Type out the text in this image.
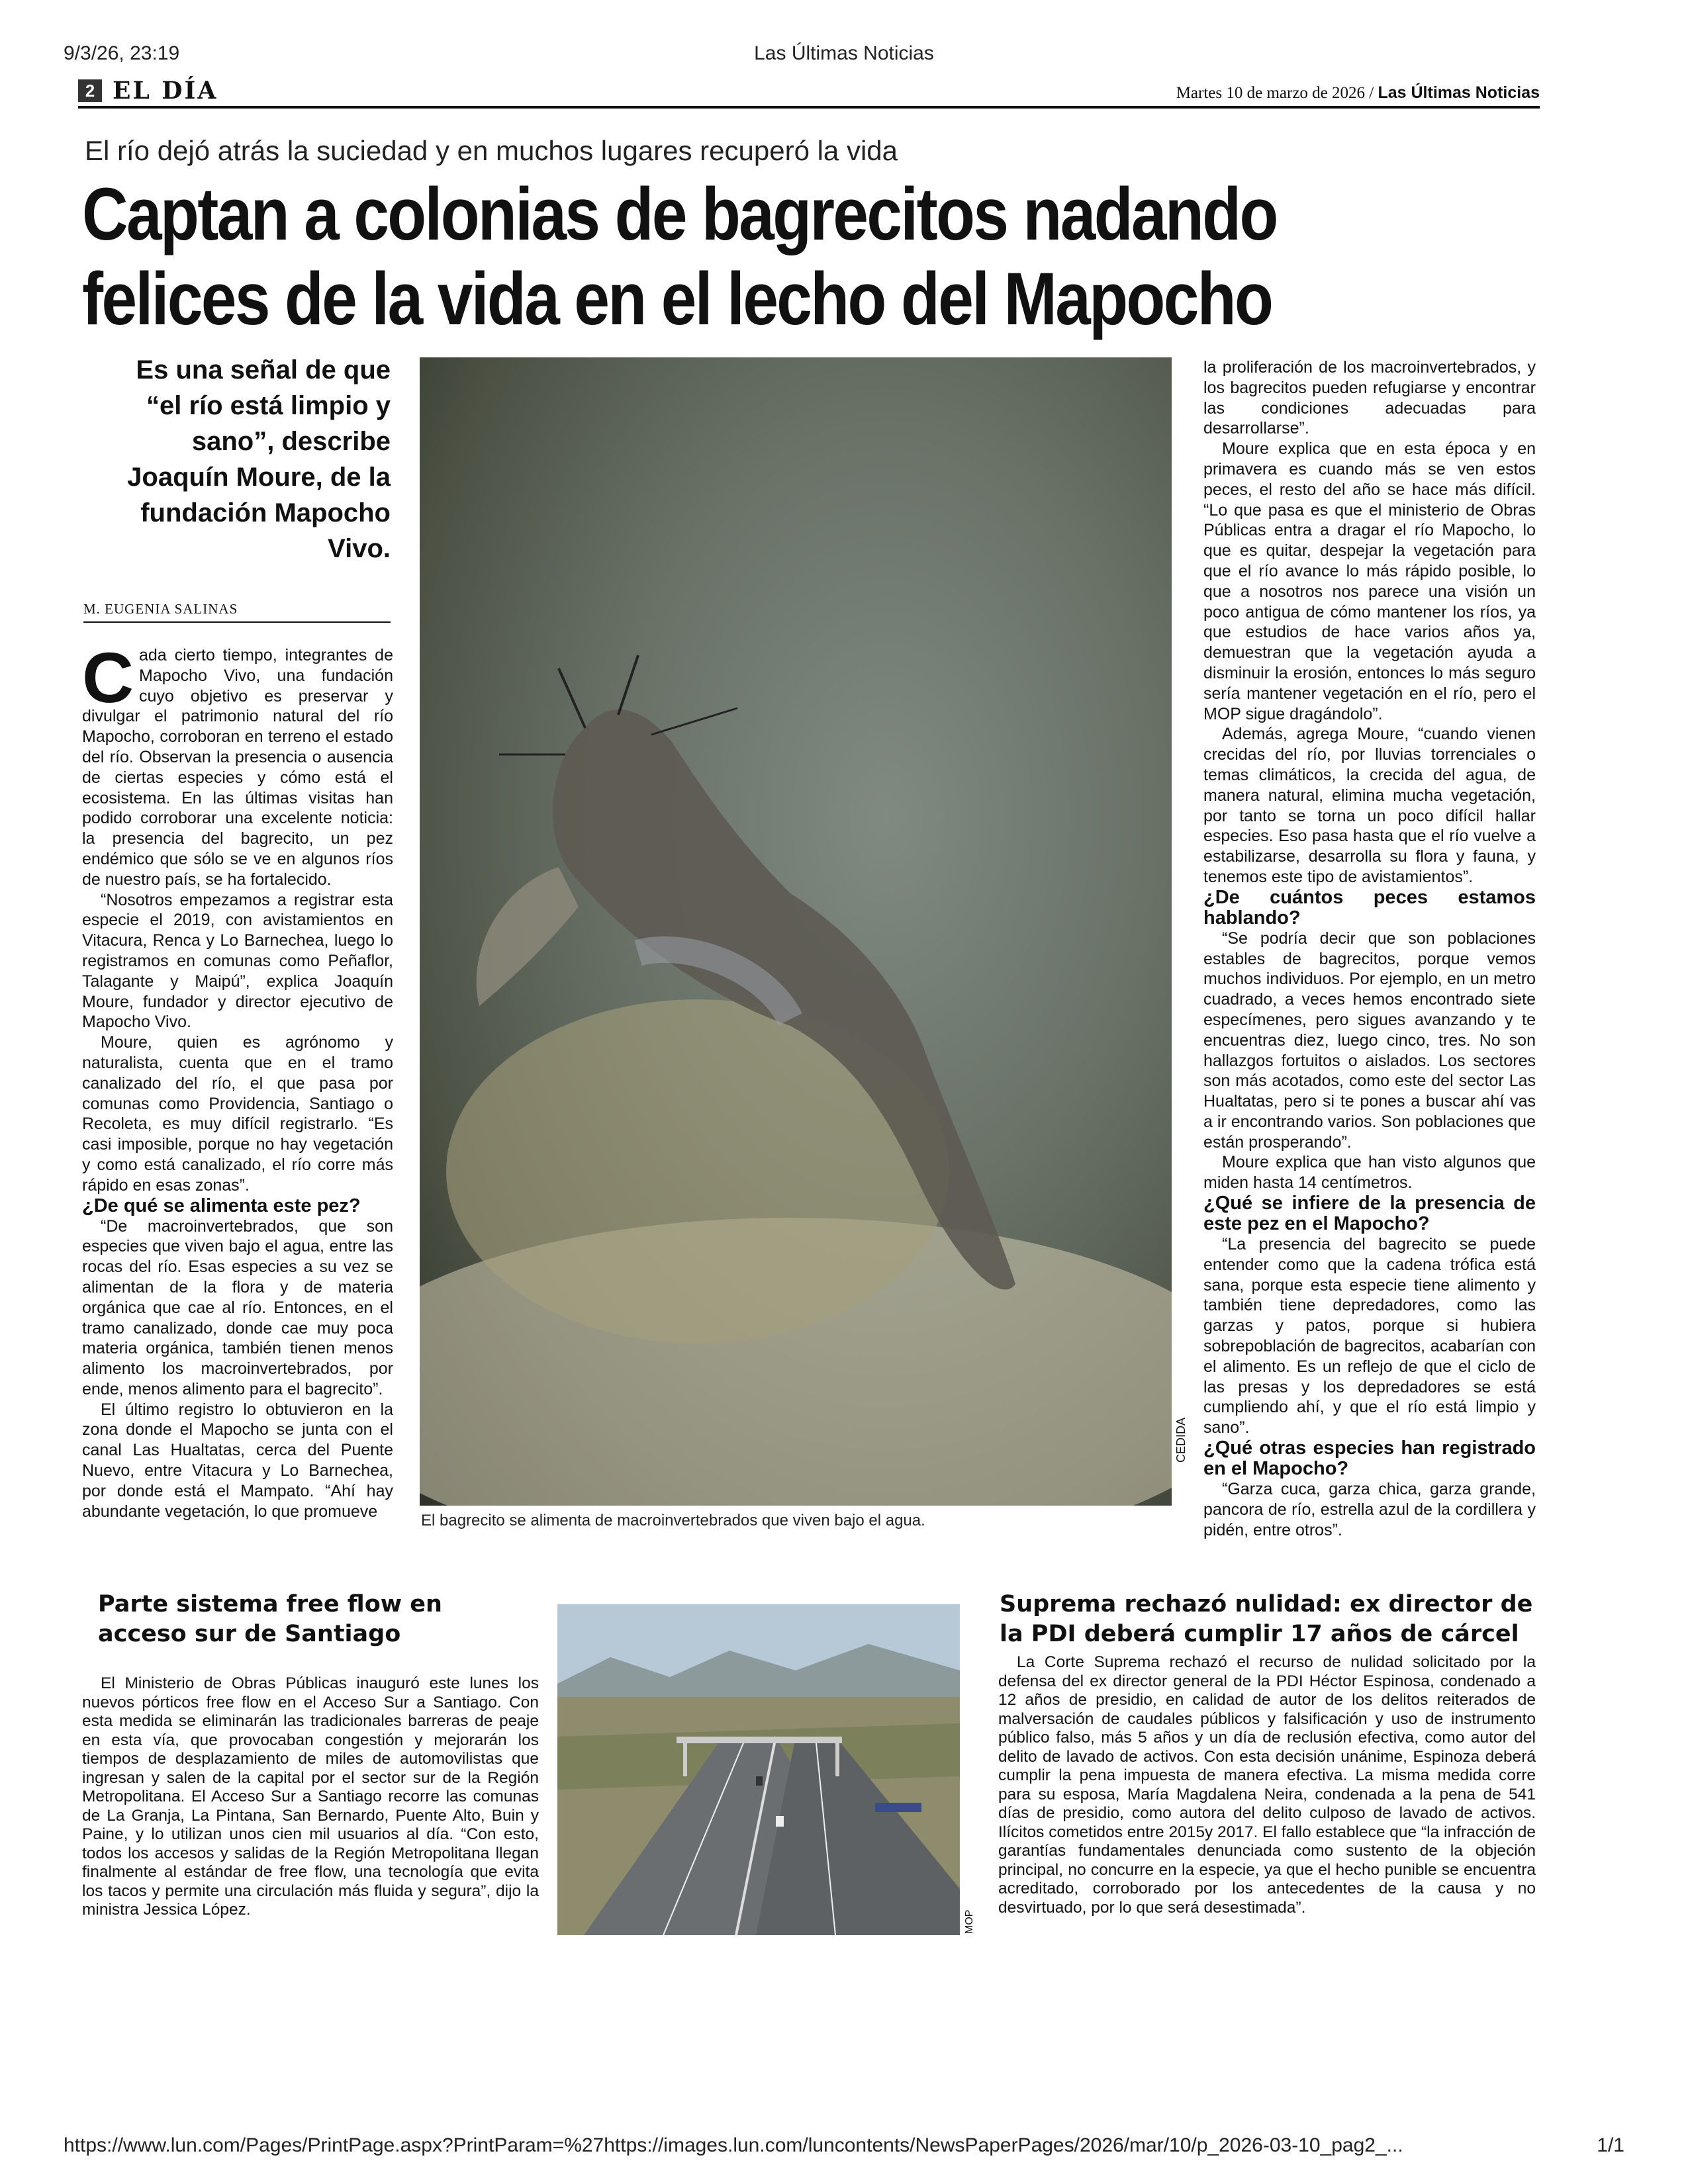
9/3/26, 23:19	Las Últimas Noticias
https://www.lun.com/Pages/PrintPage.aspx?PrintParam=%27https://images.lun.com/luncontents/NewsPaperPages/2026/mar/10/p_2026-03-10_pag2_...	1/1
2 EL DÍA	Martes 10 de marzo de 2026 / Las Últimas Noticias
El río dejó atrás la suciedad y en muchos lugares recuperó la vida
Captan a colonias de bagrecitos nadando
felices de la vida en el lecho del Mapocho
Es una señal de que “el río está limpio y sano”, describe Joaquín Moure, de la fundación Mapocho Vivo.
M. EUGENIA SALINAS

Cada cierto tiempo, integrantes de Mapocho Vivo, una fundación cuyo objetivo es preservar y divulgar el patrimonio natural del río Mapocho, corroboran en terreno el estado del río. Observan la presencia o ausencia de ciertas especies y cómo está el ecosistema. En las últimas visitas han podido corroborar una excelente noticia: la presencia del bagrecito, un pez endémico que sólo se ve en algunos ríos de nuestro país, se ha fortalecido.

“Nosotros empezamos a registrar esta especie el 2019, con avistamientos en Vitacura, Renca y Lo Barnechea, luego lo registramos en comunas como Peñaflor, Talagante y Maipú”, explica Joaquín Moure, fundador y director ejecutivo de Mapocho Vivo.

Moure, quien es agrónomo y naturalista, cuenta que en el tramo canalizado del río, el que pasa por comunas como Providencia, Santiago o Recoleta, es muy difícil registrarlo. “Es casi imposible, porque no hay vegetación y como está canalizado, el río corre más rápido en esas zonas”.

¿De qué se alimenta este pez?

“De macroinvertebrados, que son especies que viven bajo el agua, entre las rocas del río. Esas especies a su vez se alimentan de la flora y de materia orgánica que cae al río. Entonces, en el tramo canalizado, donde cae muy poca materia orgánica, también tienen menos alimento los macroinvertebrados, por ende, menos alimento para el bagrecito”.

El último registro lo obtuvieron en la zona donde el Mapocho se junta con el canal Las Hualtatas, cerca del Puente Nuevo, entre Vitacura y Lo Barnechea, por donde está el Mampato. “Ahí hay abundante vegetación, lo que promueve

CEDIDA
El bagrecito se alimenta de macroinvertebrados que viven bajo el agua.

la proliferación de los macroinvertebrados, y los bagrecitos pueden refugiarse y encontrar las condiciones adecuadas para desarrollarse”.

Moure explica que en esta época y en primavera es cuando más se ven estos peces, el resto del año se hace más difícil. “Lo que pasa es que el ministerio de Obras Públicas entra a dragar el río Mapocho, lo que es quitar, despejar la vegetación para que el río avance lo más rápido posible, lo que a nosotros nos parece una visión un poco antigua de cómo mantener los ríos, ya que estudios de hace varios años ya, demuestran que la vegetación ayuda a disminuir la erosión, entonces lo más seguro sería mantener vegetación en el río, pero el MOP sigue dragándolo”.

Además, agrega Moure, “cuando vienen crecidas del río, por lluvias torrenciales o temas climáticos, la crecida del agua, de manera natural, elimina mucha vegetación, por tanto se torna un poco difícil hallar especies. Eso pasa hasta que el río vuelve a estabilizarse, desarrolla su flora y fauna, y tenemos este tipo de avistamientos”.

¿De cuántos peces estamos hablando?

“Se podría decir que son poblaciones estables de bagrecitos, porque vemos muchos individuos. Por ejemplo, en un metro cuadrado, a veces hemos encontrado siete especímenes, pero sigues avanzando y te encuentras diez, luego cinco, tres. No son hallazgos fortuitos o aislados. Los sectores son más acotados, como este del sector Las Hualtatas, pero si te pones a buscar ahí vas a ir encontrando varios. Son poblaciones que están prosperando”.

Moure explica que han visto algunos que miden hasta 14 centímetros.

¿Qué se infiere de la presencia de este pez en el Mapocho?

“La presencia del bagrecito se puede entender como que la cadena trófica está sana, porque esta especie tiene alimento y también tiene depredadores, como las garzas y patos, porque si hubiera sobrepoblación de bagrecitos, acabarían con el alimento. Es un reflejo de que el ciclo de las presas y los depredadores se está cumpliendo ahí, y que el río está limpio y sano”.

¿Qué otras especies han registrado en el Mapocho?

“Garza cuca, garza chica, garza grande, pancora de río, estrella azul de la cordillera y pidén, entre otros”.

Parte sistema free flow en acceso sur de Santiago

El Ministerio de Obras Públicas inauguró este lunes los nuevos pórticos free flow en el Acceso Sur a Santiago. Con esta medida se eliminarán las tradicionales barreras de peaje en esta vía, que provocaban congestión y mejorarán los tiempos de desplazamiento de miles de automovilistas que ingresan y salen de la capital por el sector sur de la Región Metropolitana. El Acceso Sur a Santiago recorre las comunas de La Granja, La Pintana, San Bernardo, Puente Alto, Buin y Paine, y lo utilizan unos cien mil usuarios al día. “Con esto, todos los accesos y salidas de la Región Metropolitana llegan finalmente al estándar de free flow, una tecnología que evita los tacos y permite una circulación más fluida y segura”, dijo la ministra Jessica López.

MOP
Suprema rechazó nulidad: ex director de la PDI deberá cumplir 17 años de cárcel

La Corte Suprema rechazó el recurso de nulidad solicitado por la defensa del ex director general de la PDI Héctor Espinosa, condenado a 12 años de presidio, en calidad de autor de los delitos reiterados de malversación de caudales públicos y falsificación y uso de instrumento público falso, más 5 años y un día de reclusión efectiva, como autor del delito de lavado de activos. Con esta decisión unánime, Espinoza deberá cumplir la pena impuesta de manera efectiva. La misma medida corre para su esposa, María Magdalena Neira, condenada a la pena de 541 días de presidio, como autora del delito culposo de lavado de activos. Ilícitos cometidos entre 2015y 2017. El fallo establece que “la infracción de garantías fundamentales denunciada como sustento de la objeción principal, no concurre en la especie, ya que el hecho punible se encuentra acreditado, corroborado por los antecedentes de la causa y no desvirtuado, por lo que será desestimada”.
